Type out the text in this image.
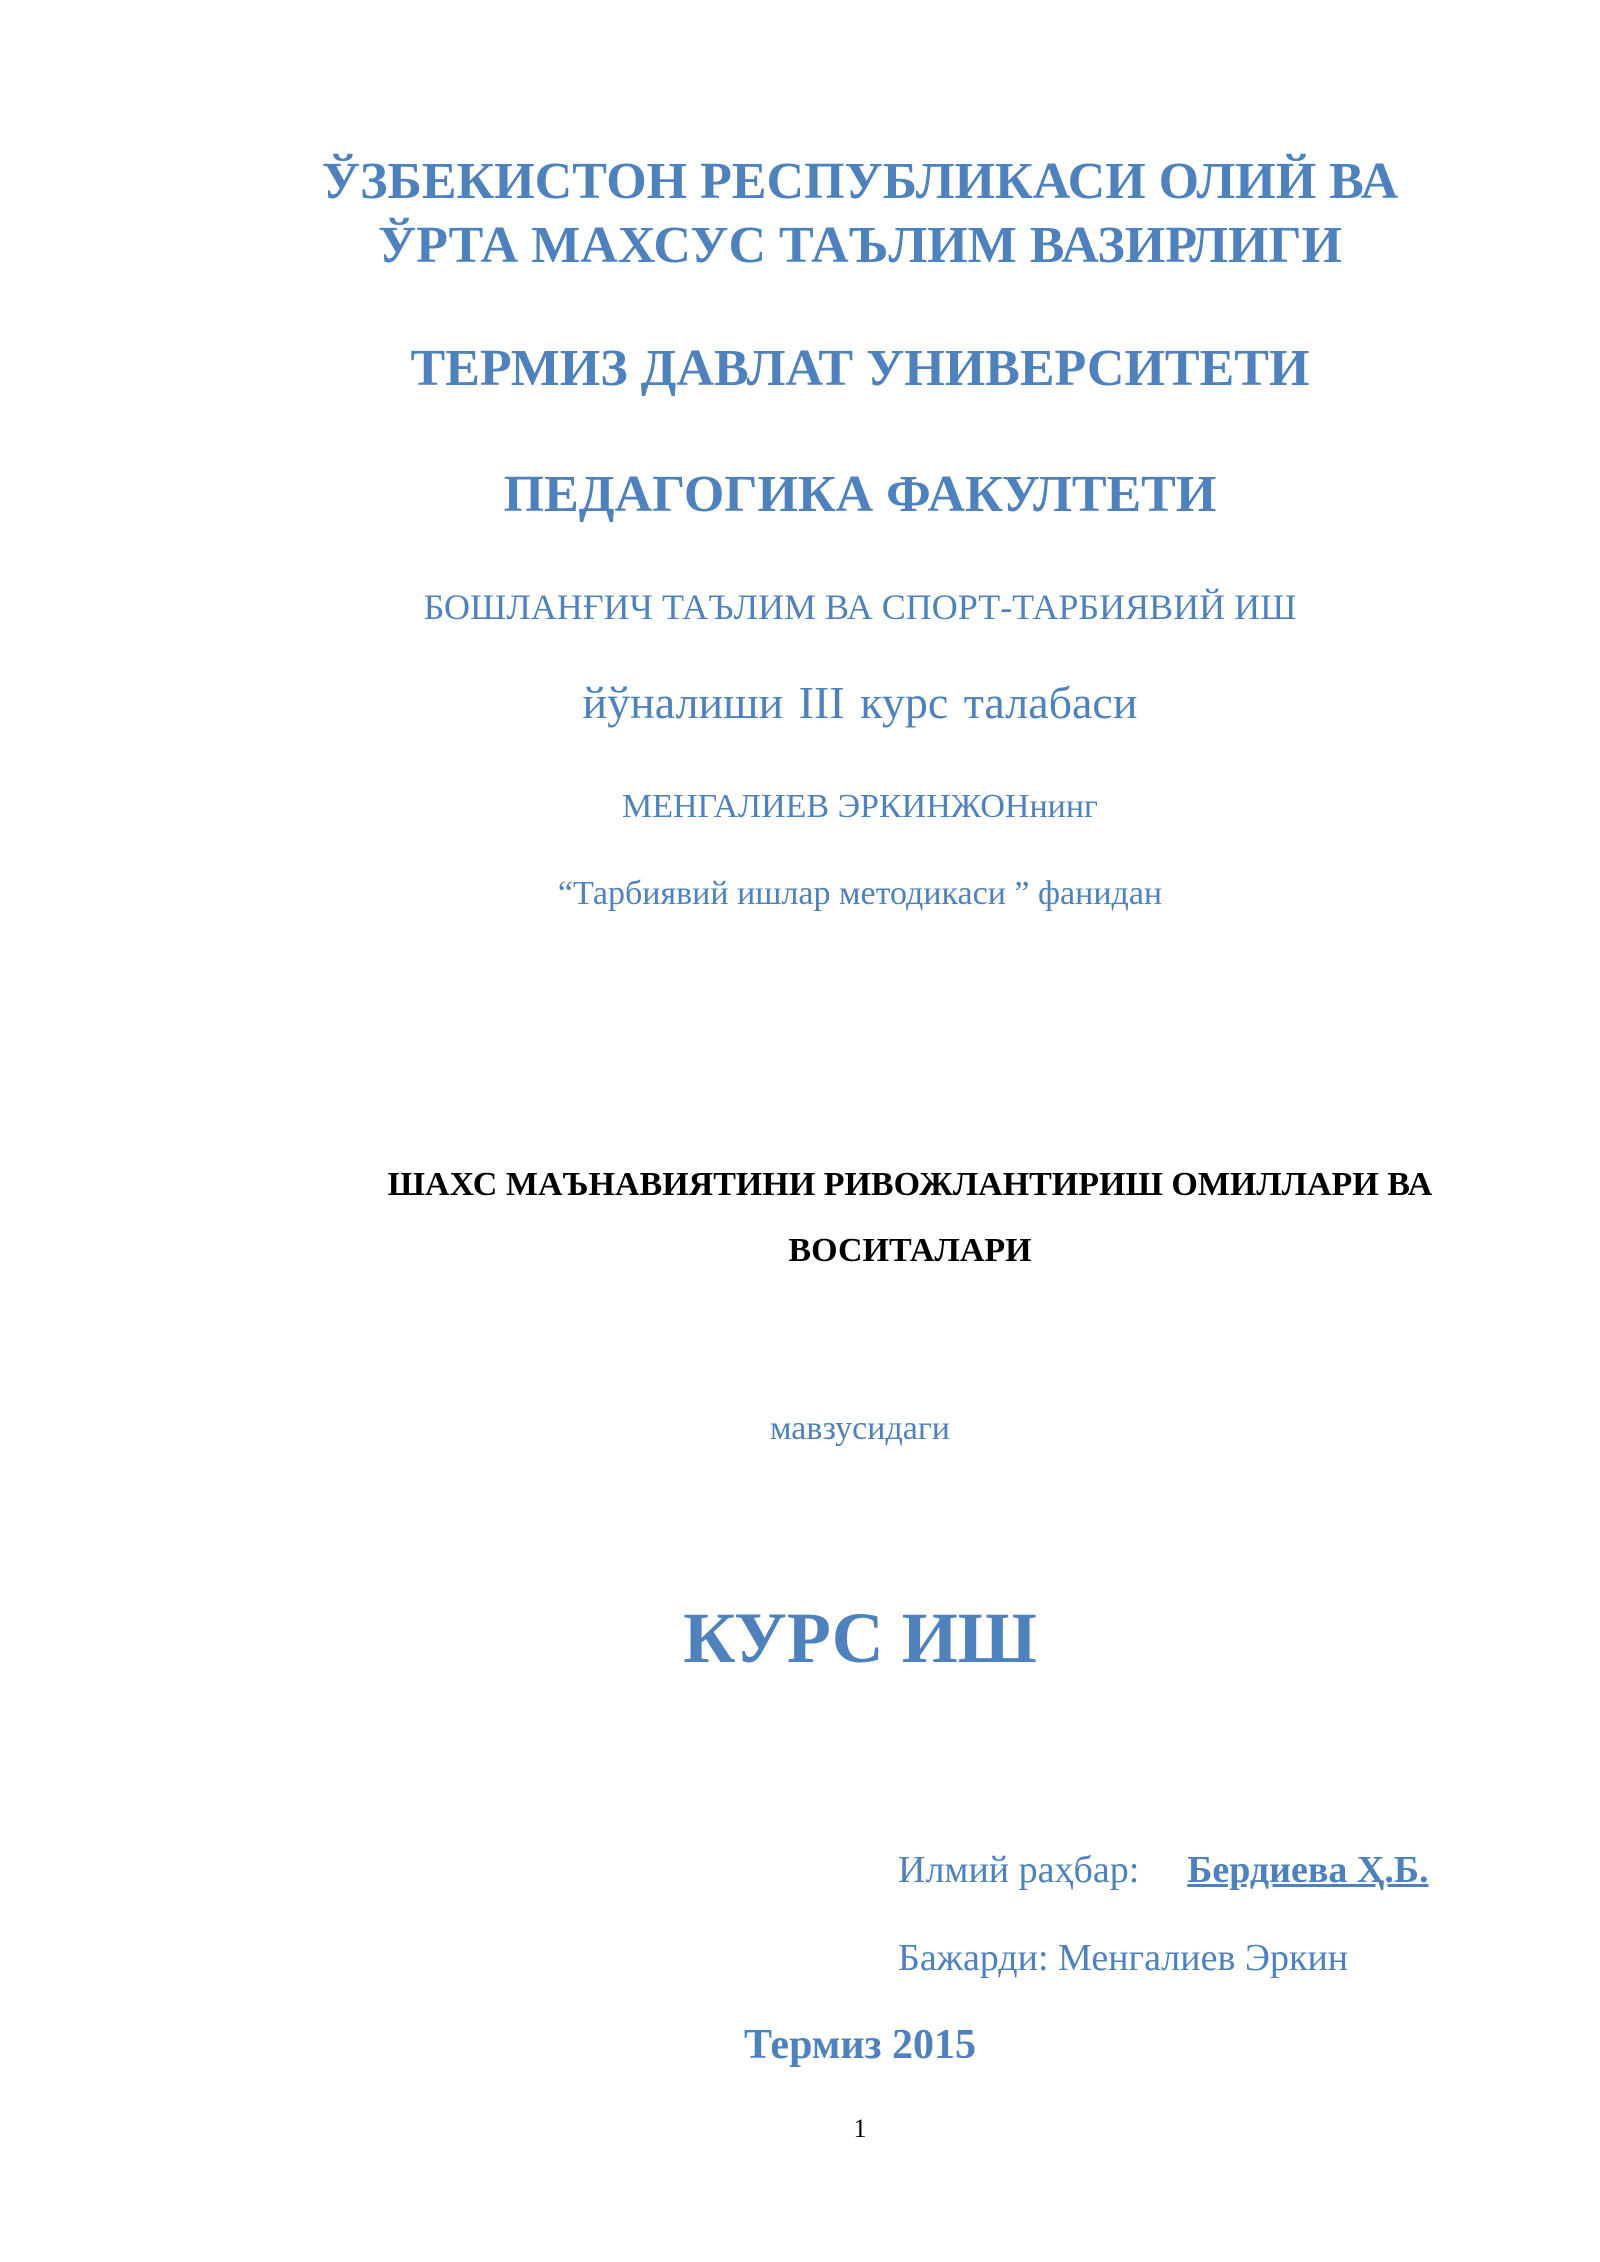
ЎЗБЕКИСТОН РЕСПУБЛИКАСИ ОЛИЙ ВА
ЎРТА МАХСУС ТАЪЛИМ ВАЗИРЛИГИ
ТЕРМИЗ ДАВЛАТ УНИВЕРСИТЕТИ
ПЕДАГОГИКА ФАКУЛТЕТИ
БОШЛАНҒИЧ ТАЪЛИМ ВА СПОРТ-ТАРБИЯВИЙ ИШ
йўналиши III курс талабаси
МЕНГАЛИЕВ ЭРКИНЖОНнинг
“Тарбиявий ишлар методикаси ” фанидан
ШАХС МАЪНАВИЯТИНИ РИВОЖЛАНТИРИШ ОМИЛЛАРИ ВА
ВОСИТАЛАРИ
мавзусидаги
КУРС ИШ
Илмий раҳбар: Бердиева Ҳ.Б.
Бажарди: Менгалиев Эркин
Термиз 2015
1
